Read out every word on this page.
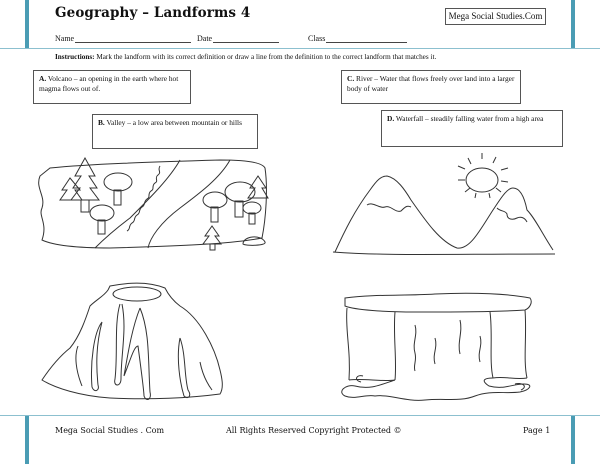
Geography – Landforms 4	Mega Social Studies.Com
Name	Date	Class
Instructions: Mark the landform with its correct definition or draw a line from the definition to the correct landform that matches it.
A. Volcano – an opening in the earth where hot magma flows out of.
B. Valley – a low area between mountain or hills
C. River – Water that flows freely over land into a larger body of water
D. Waterfall – steadily falling water from a high area
Mega Social Studies . Com	All Rights Reserved Copyright Protected ©	Page 1
